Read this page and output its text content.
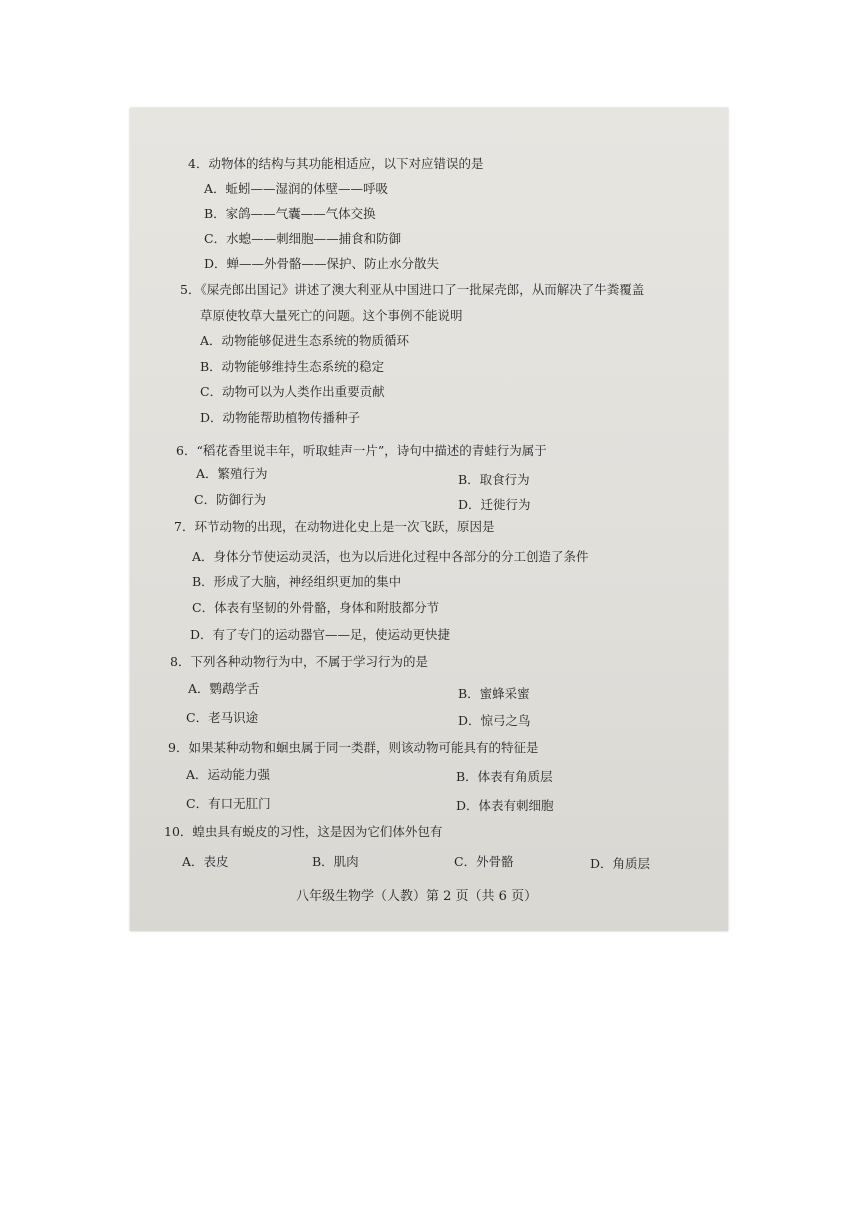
4．动物体的结构与其功能相适应，以下对应错误的是
A．蚯蚓——湿润的体壁——呼吸
B．家鸽——气囊——气体交换
C．水螅——刺细胞——捕食和防御
D．蝉——外骨骼——保护、防止水分散失
5．《屎壳郎出国记》讲述了澳大利亚从中国进口了一批屎壳郎，从而解决了牛粪覆盖
草原使牧草大量死亡的问题。这个事例不能说明
A．动物能够促进生态系统的物质循环
B．动物能够维持生态系统的稳定
C．动物可以为人类作出重要贡献
D．动物能帮助植物传播种子
6．“稻花香里说丰年，听取蛙声一片”，诗句中描述的青蛙行为属于
A．繁殖行为	B．取食行为
C．防御行为	D．迁徙行为
7．环节动物的出现，在动物进化史上是一次飞跃，原因是
A．身体分节使运动灵活，也为以后进化过程中各部分的分工创造了条件
B．形成了大脑，神经组织更加的集中
C．体表有坚韧的外骨骼，身体和附肢都分节
D．有了专门的运动器官——足，使运动更快捷
8．下列各种动物行为中，不属于学习行为的是
A．鹦鹉学舌	B．蜜蜂采蜜
C．老马识途	D．惊弓之鸟
9．如果某种动物和蛔虫属于同一类群，则该动物可能具有的特征是
A．运动能力强	B．体表有角质层
C．有口无肛门	D．体表有刺细胞
10．蝗虫具有蜕皮的习性，这是因为它们体外包有
A．表皮	B．肌肉	C．外骨骼	D．角质层
八年级生物学（人教）第 2 页（共 6 页）
